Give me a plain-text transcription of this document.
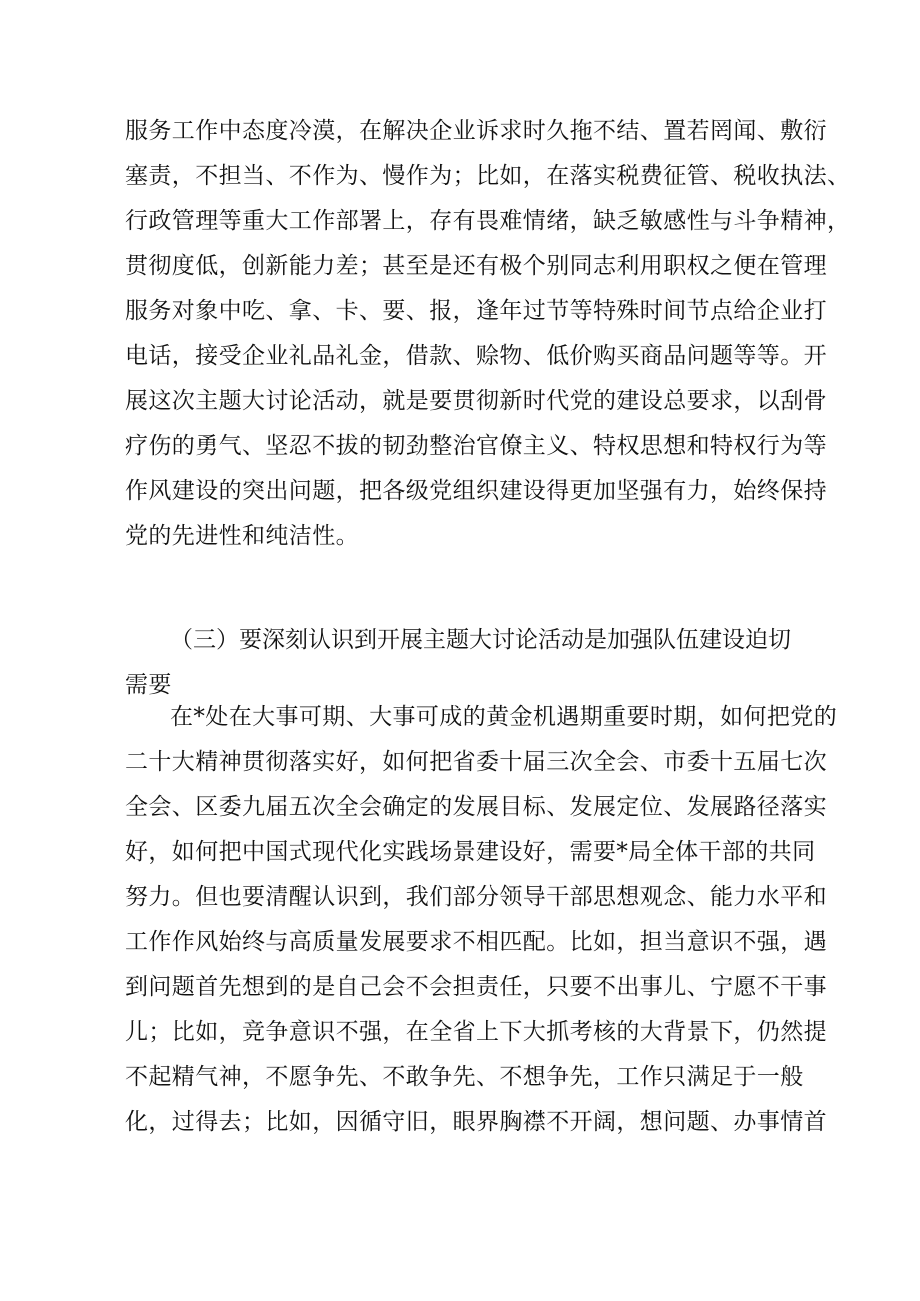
服务工作中态度冷漠，在解决企业诉求时久拖不结、置若罔闻、敷衍
塞责，不担当、不作为、慢作为；比如，在落实税费征管、税收执法、
行政管理等重大工作部署上，存有畏难情绪，缺乏敏感性与斗争精神，
贯彻度低，创新能力差；甚至是还有极个别同志利用职权之便在管理
服务对象中吃、拿、卡、要、报，逢年过节等特殊时间节点给企业打
电话，接受企业礼品礼金，借款、赊物、低价购买商品问题等等。开
展这次主题大讨论活动，就是要贯彻新时代党的建设总要求，以刮骨
疗伤的勇气、坚忍不拔的韧劲整治官僚主义、特权思想和特权行为等
作风建设的突出问题，把各级党组织建设得更加坚强有力，始终保持
党的先进性和纯洁性。
（三）要深刻认识到开展主题大讨论活动是加强队伍建设迫切
需要
在*处在大事可期、大事可成的黄金机遇期重要时期，如何把党的
二十大精神贯彻落实好，如何把省委十届三次全会、市委十五届七次
全会、区委九届五次全会确定的发展目标、发展定位、发展路径落实
好，如何把中国式现代化实践场景建设好，需要*局全体干部的共同
努力。但也要清醒认识到，我们部分领导干部思想观念、能力水平和
工作作风始终与高质量发展要求不相匹配。比如，担当意识不强，遇
到问题首先想到的是自己会不会担责任，只要不出事儿、宁愿不干事
儿；比如，竞争意识不强，在全省上下大抓考核的大背景下，仍然提
不起精气神，不愿争先、不敢争先、不想争先，工作只满足于一般
化，过得去；比如，因循守旧，眼界胸襟不开阔，想问题、办事情首
